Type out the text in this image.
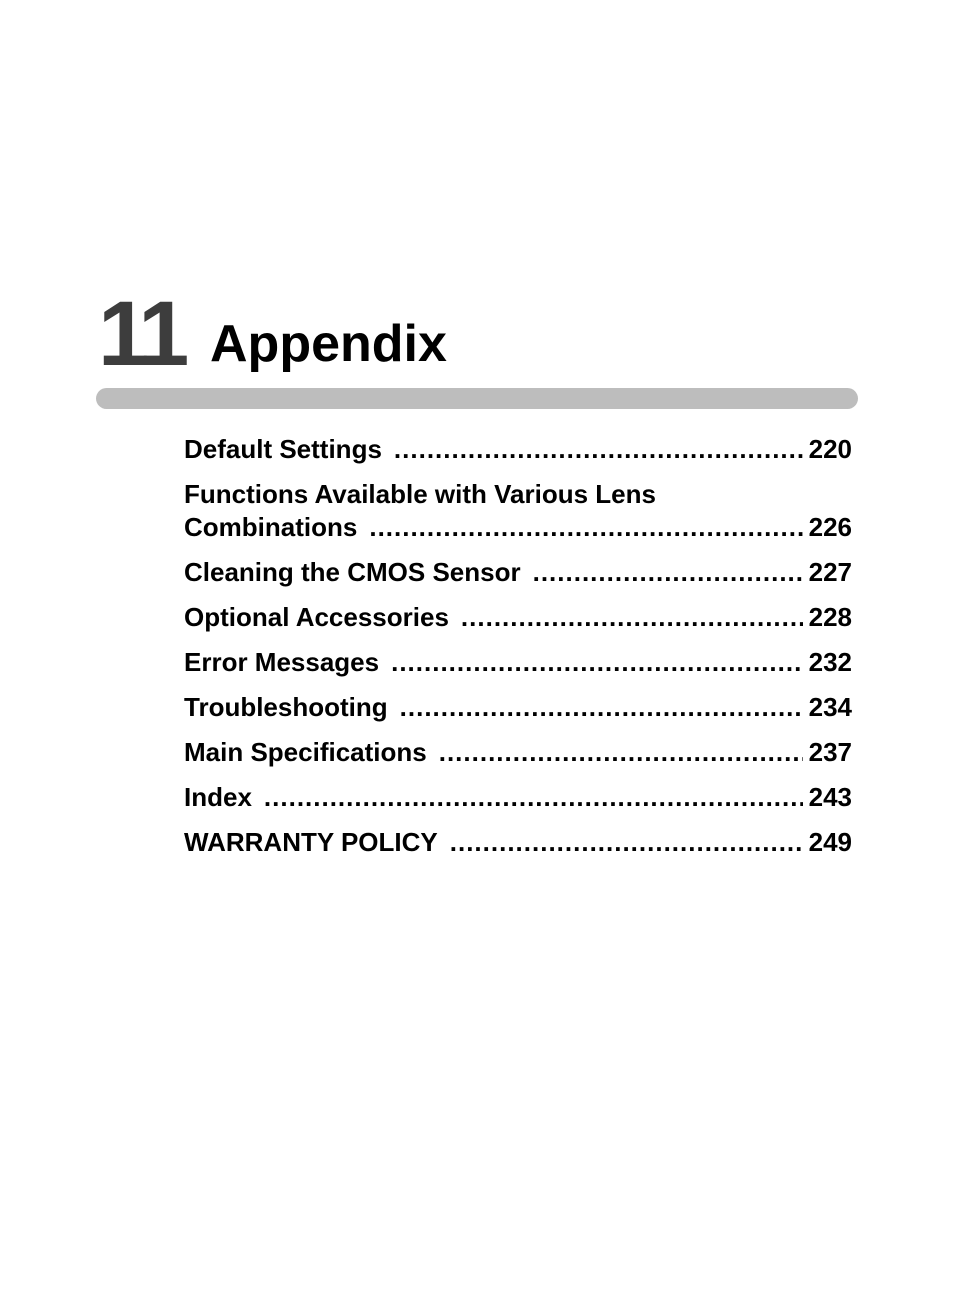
11 Appendix
Default Settings .....	220
Functions Available with Various Lens
Combinations .....	226
Cleaning the CMOS Sensor .....	227
Optional Accessories .....	228
Error Messages .....	232
Troubleshooting .....	234
Main Specifications .....	237
Index .....	243
WARRANTY POLICY .....	249
